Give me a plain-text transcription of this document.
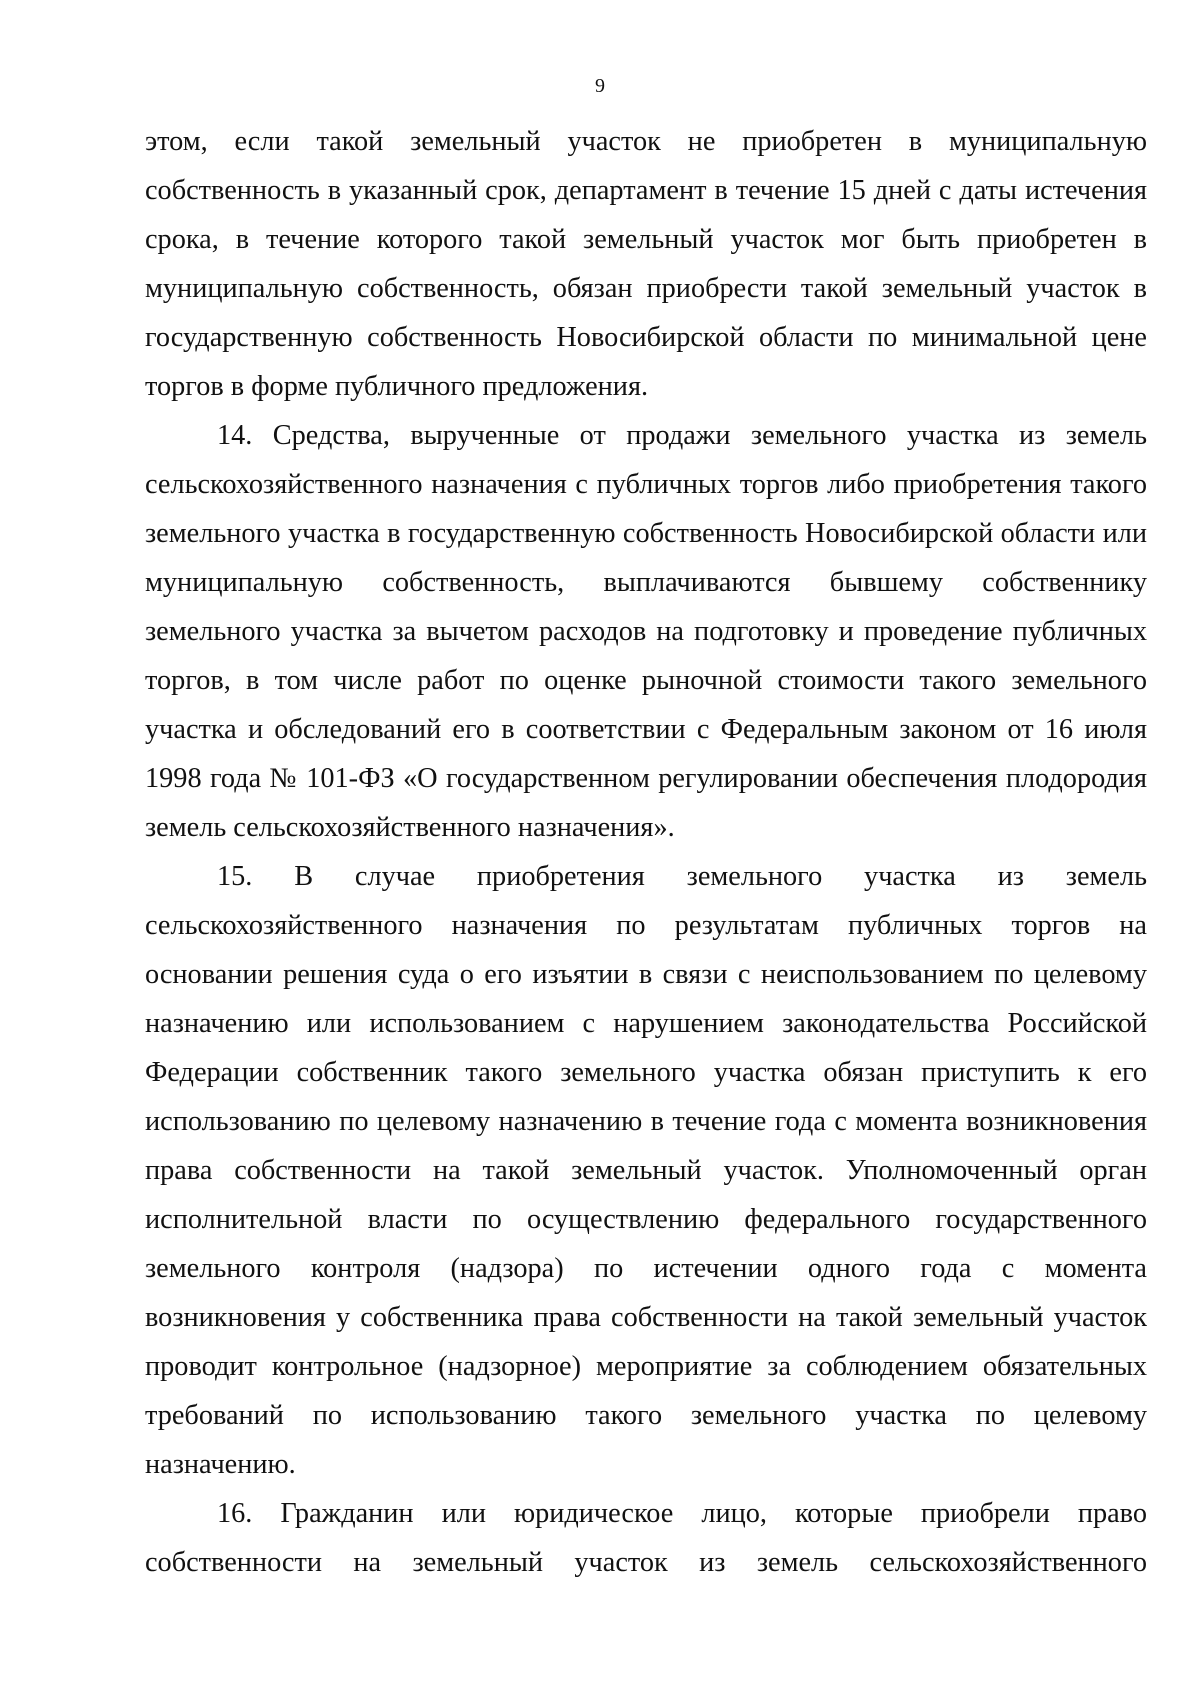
9

этом, если такой земельный участок не приобретен в муниципальную собственность в указанный срок, департамент в течение 15 дней с даты истечения срока, в течение которого такой земельный участок мог быть приобретен в муниципальную собственность, обязан приобрести такой земельный участок в государственную собственность Новосибирской области по минимальной цене торгов в форме публичного предложения.

14. Средства, вырученные от продажи земельного участка из земель сельскохозяйственного назначения с публичных торгов либо приобретения такого земельного участка в государственную собственность Новосибирской области или муниципальную собственность, выплачиваются бывшему собственнику земельного участка за вычетом расходов на подготовку и проведение публичных торгов, в том числе работ по оценке рыночной стоимости такого земельного участка и обследований его в соответствии с Федеральным законом от 16 июля 1998 года № 101-ФЗ «О государственном регулировании обеспечения плодородия земель сельскохозяйственного назначения».

15. В случае приобретения земельного участка из земель сельскохозяйственного назначения по результатам публичных торгов на основании решения суда о его изъятии в связи с неиспользованием по целевому назначению или использованием с нарушением законодательства Российской Федерации собственник такого земельного участка обязан приступить к его использованию по целевому назначению в течение года с момента возникновения права собственности на такой земельный участок. Уполномоченный орган исполнительной власти по осуществлению федерального государственного земельного контроля (надзора) по истечении одного года с момента возникновения у собственника права собственности на такой земельный участок проводит контрольное (надзорное) мероприятие за соблюдением обязательных требований по использованию такого земельного участка по целевому назначению.

16. Гражданин или юридическое лицо, которые приобрели право собственности на земельный участок из земель сельскохозяйственного
